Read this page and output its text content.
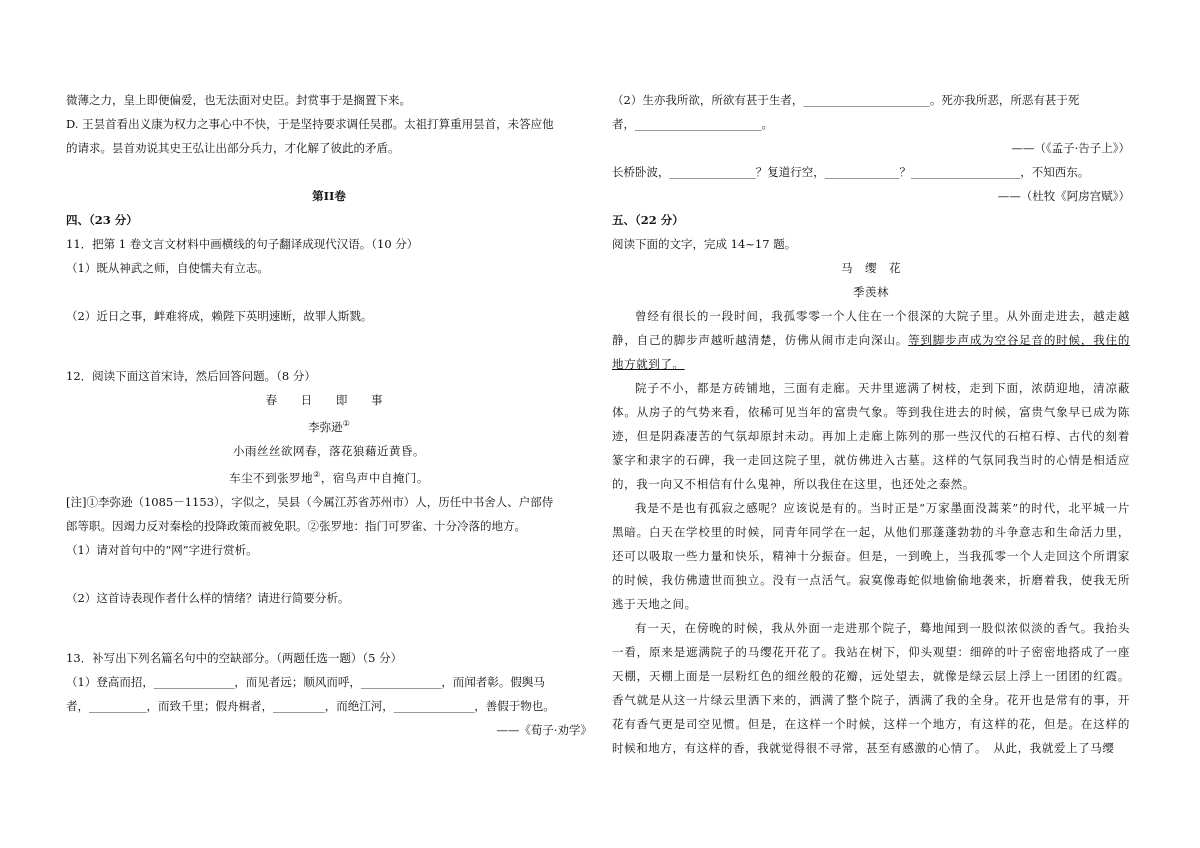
微薄之力，皇上即便偏爱，也无法面对史臣。封赏事于是搁置下来。

D. 王昙首看出义康为权力之事心中不快，于是坚持要求调任吴郡。太祖打算重用昙首，未答应他

的请求。昙首劝说其史王弘让出部分兵力，才化解了彼此的矛盾。

第II卷

四、（23 分）

11．把第 1 卷文言文材料中画横线的句子翻译成现代汉语。（10 分）

（1）既从神武之师，自使懦夫有立志。

（2）近日之事，衅难将成，赖陛下英明速断，故罪人斯戮。

12．阅读下面这首宋诗，然后回答问题。（8 分）

春 日 即 事

李弥逊①

小雨丝丝欲网春，落花狼藉近黄昏。

车尘不到张罗地②，宿鸟声中自掩门。

[注]①李弥逊（1085－1153），字似之，吴县（今属江苏省苏州市）人，历任中书舍人、户部侍

郎等职。因竭力反对秦桧的投降政策而被免职。②张罗地：指门可罗雀、十分冷落的地方。

（1）请对首句中的“网”字进行赏析。

（2）这首诗表现作者什么样的情绪？请进行简要分析。

13．补写出下列名篇名句中的空缺部分。（两题任选一题）（5 分）

（1）登高而招，______________，而见者远；顺风而呼，______________，而闻者彰。假舆马

者，__________，而致千里；假舟楫者，_________，而绝江河，______________，善假于物也。

——《荀子·劝学》

（2）生亦我所欲，所欲有甚于生者，______________________。死亦我所恶，所恶有甚于死

者，______________________。

——（《孟子·告子上》）

长桥卧波，_______________？复道行空，_____________？___________________，不知西东。

——（杜牧《阿房宫赋》）

五、（22 分）

阅读下面的文字，完成 14~17 题。

马　缨　花

季羡林

曾经有很长的一段时间，我孤零零一个人住在一个很深的大院子里。从外面走进去，越走越静，自己的脚步声越听越清楚，仿佛从闹市走向深山。等到脚步声成为空谷足音的时候，我住的地方就到了。

院子不小，都是方砖铺地，三面有走廊。天井里遮满了树枝，走到下面，浓荫迎地，清凉蔽体。从房子的气势来看，依稀可见当年的富贵气象。等到我住进去的时候，富贵气象早已成为陈迹，但是阴森凄苦的气氛却原封未动。再加上走廊上陈列的那一些汉代的石棺石椁、古代的刻着篆字和隶字的石碑，我一走回这院子里，就仿佛进入古墓。这样的气氛同我当时的心情是相适应的，我一向又不相信有什么鬼神，所以我住在这里，也还处之泰然。

我是不是也有孤寂之感呢？应该说是有的。当时正是“万家墨面没蒿莱”的时代，北平城一片黑暗。白天在学校里的时候，同青年同学在一起，从他们那蓬蓬勃勃的斗争意志和生命活力里，还可以吸取一些力量和快乐，精神十分振奋。但是，一到晚上，当我孤零一个人走回这个所谓家的时候，我仿佛遗世而独立。没有一点活气。寂寞像毒蛇似地偷偷地袭来，折磨着我，使我无所逃于天地之间。

有一天，在傍晚的时候，我从外面一走进那个院子，蓦地闻到一股似浓似淡的香气。我抬头一看，原来是遮满院子的马缨花开花了。我站在树下，仰头观望：细碎的叶子密密地搭成了一座天棚，天棚上面是一层粉红色的细丝般的花瓣，远处望去，就像是绿云层上浮上一团团的红霞。香气就是从这一片绿云里洒下来的，洒满了整个院子，洒满了我的全身。花开也是常有的事，开花有香气更是司空见惯。但是，在这样一个时候，这样一个地方，有这样的花，但是。在这样的时候和地方，有这样的香，我就觉得很不寻常，甚至有感激的心情了。　从此，我就爱上了马缨
